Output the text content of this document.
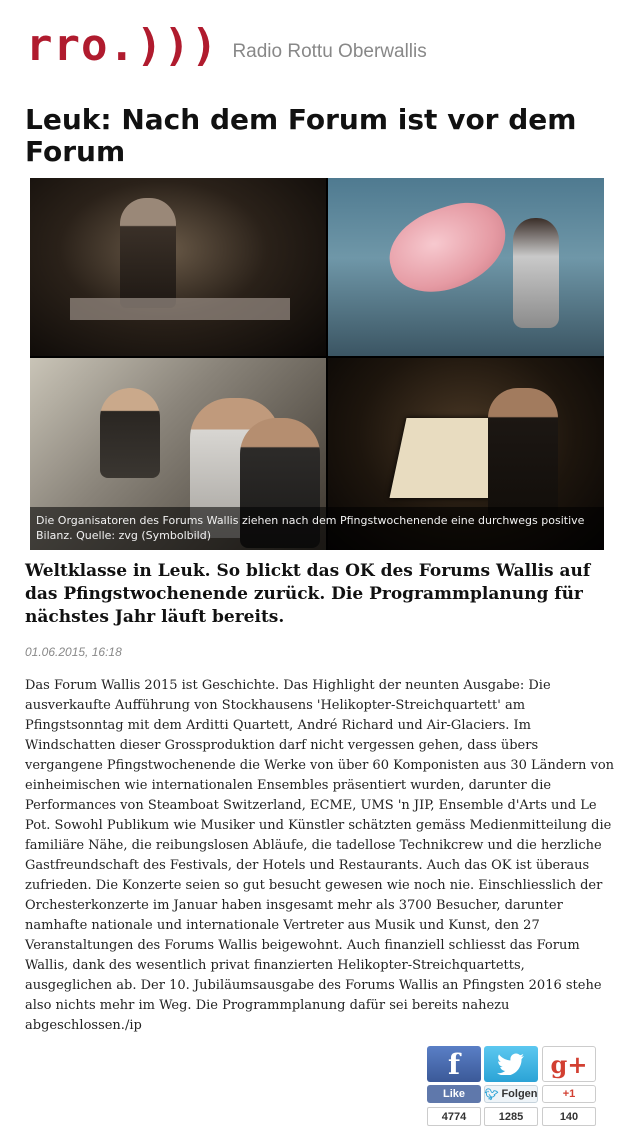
rro.))) Radio Rottu Oberwallis
Leuk: Nach dem Forum ist vor dem Forum
Die Organisatoren des Forums Wallis ziehen nach dem Pfingstwochenende eine durchwegs positive Bilanz. Quelle: zvg (Symbolbild)

Weltklasse in Leuk. So blickt das OK des Forums Wallis auf das Pfingstwochenende zurück. Die Programmplanung für nächstes Jahr läuft bereits.

01.06.2015, 16:18

Das Forum Wallis 2015 ist Geschichte. Das Highlight der neunten Ausgabe: Die ausverkaufte Aufführung von Stockhausens 'Helikopter-Streichquartett' am Pfingstsonntag mit dem Arditti Quartett, André Richard und Air-Glaciers. Im Windschatten dieser Grossproduktion darf nicht vergessen gehen, dass übers vergangene Pfingstwochenende die Werke von über 60 Komponisten aus 30 Ländern von einheimischen wie internationalen Ensembles präsentiert wurden, darunter die Performances von Steamboat Switzerland, ECME, UMS 'n JIP, Ensemble d'Arts und Le Pot. Sowohl Publikum wie Musiker und Künstler schätzten gemäss Medienmitteilung die familiäre Nähe, die reibungslosen Abläufe, die tadellose Technikcrew und die herzliche Gastfreundschaft des Festivals, der Hotels und Restaurants. Auch das OK ist überaus zufrieden. Die Konzerte seien so gut besucht gewesen wie noch nie. Einschliesslich der Orchesterkonzerte im Januar haben insgesamt mehr als 3700 Besucher, darunter namhafte nationale und internationale Vertreter aus Musik und Kunst, den 27 Veranstaltungen des Forums Wallis beigewohnt. Auch finanziell schliesst das Forum Wallis, dank des wesentlich privat finanzierten Helikopter-Streichquartetts, ausgeglichen ab. Der 10. Jubiläumsausgabe des Forums Wallis an Pfingsten 2016 stehe also nichts mehr im Weg. Die Programmplanung dafür sei bereits nahezu abgeschlossen./ip

f
Like
4774
🐦︎ Folgen
1285
g+
+1
140
